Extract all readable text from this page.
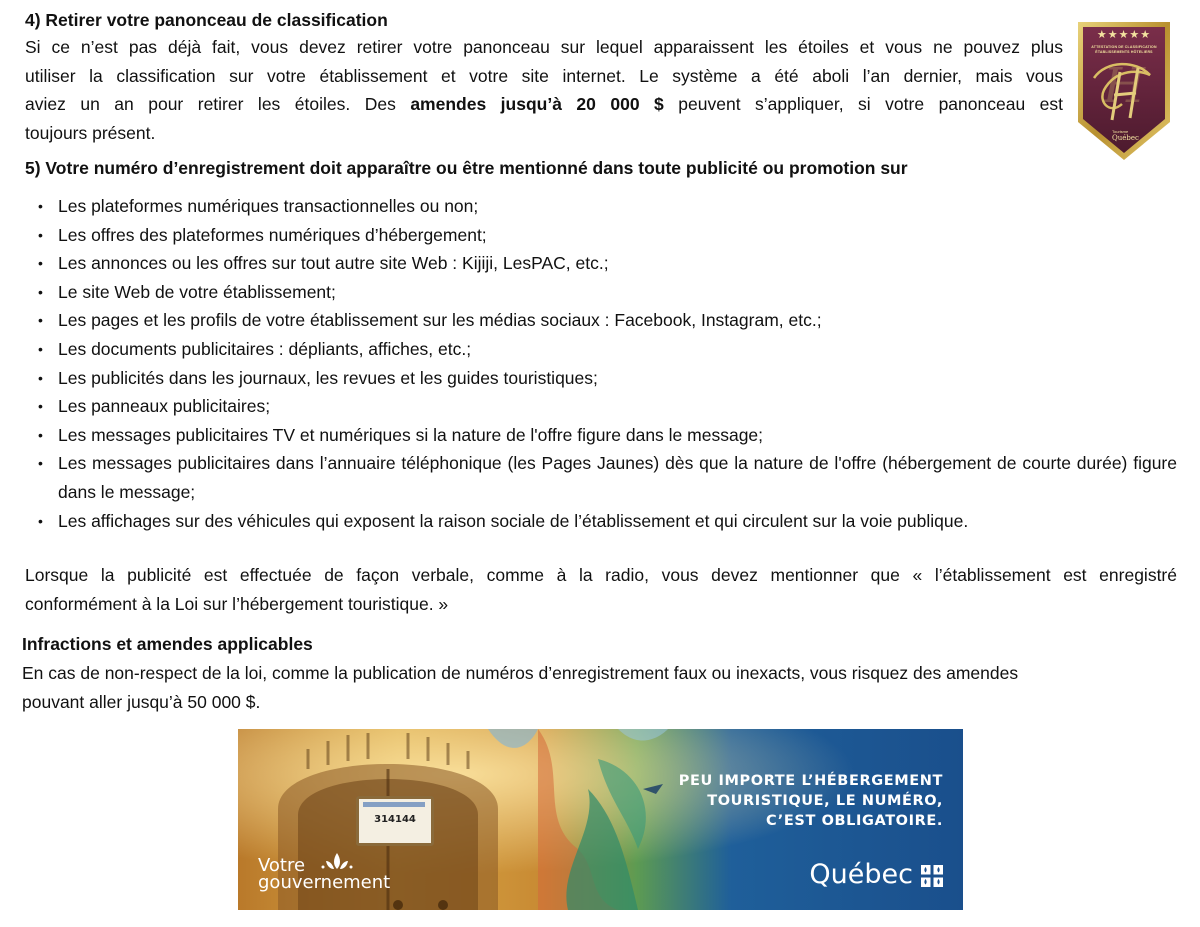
4) Retirer votre panonceau de classification
Si ce n’est pas déjà fait, vous devez retirer votre panonceau sur lequel apparaissent les étoiles et vous ne pouvez plus
utiliser la classification sur votre établissement et votre site internet. Le système a été aboli l’an dernier, mais vous
aviez un an pour retirer les étoiles. Des amendes jusqu’à 20 000 $ peuvent s’appliquer, si votre panonceau est
toujours présent.
★★★★★
ATTESTATION DE CLASSIFICATION ÉTABLISSEMENTS HÔTELIERS
H
Tourisme
Québec
5) Votre numéro d’enregistrement doit apparaître ou être mentionné dans toute publicité ou promotion sur
• Les plateformes numériques transactionnelles ou non;
• Les offres des plateformes numériques d’hébergement;
• Les annonces ou les offres sur tout autre site Web : Kijiji, LesPAC, etc.;
• Le site Web de votre établissement;
• Les pages et les profils de votre établissement sur les médias sociaux : Facebook, Instagram, etc.;
• Les documents publicitaires : dépliants, affiches, etc.;
• Les publicités dans les journaux, les revues et les guides touristiques;
• Les panneaux publicitaires;
• Les messages publicitaires TV et numériques si la nature de l'offre figure dans le message;
• Les messages publicitaires dans l’annuaire téléphonique (les Pages Jaunes) dès que la nature de l'offre (hébergement de courte durée) figure dans le message;
• Les affichages sur des véhicules qui exposent la raison sociale de l’établissement et qui circulent sur la voie publique.
Lorsque la publicité est effectuée de façon verbale, comme à la radio, vous devez mentionner que « l’établissement est enregistré
conformément à la Loi sur l’hébergement touristique. »
Infractions et amendes applicables
En cas de non-respect de la loi, comme la publication de numéros d’enregistrement faux ou inexacts, vous risquez des amendes
pouvant aller jusqu’à 50 000 $.
314144
PEU IMPORTE L’HÉBERGEMENT
TOURISTIQUE, LE NUMÉRO,
C’EST OBLIGATOIRE.
Votre
gouvernement	Québec
